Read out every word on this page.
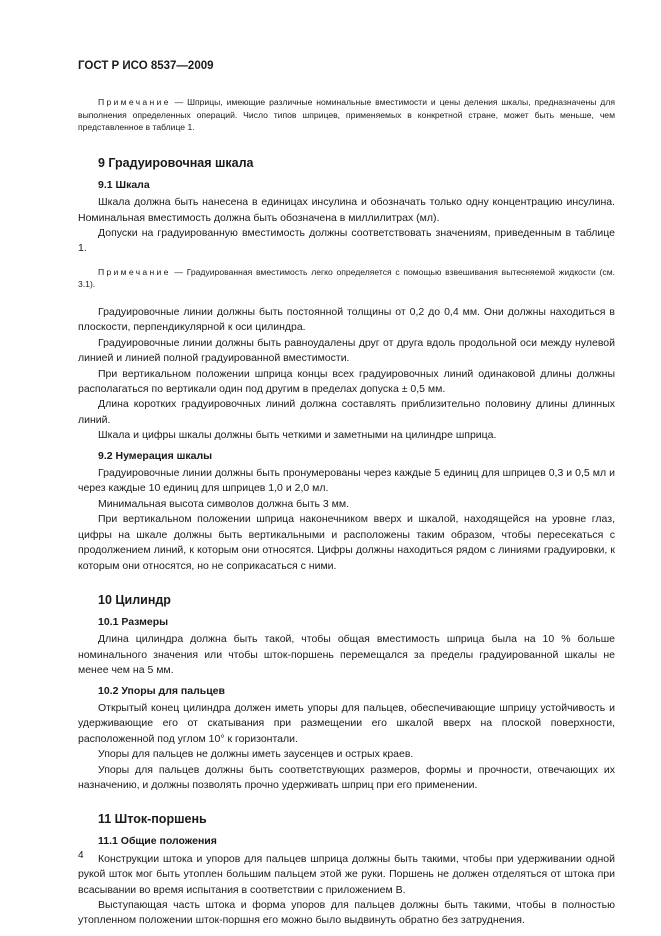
ГОСТ Р ИСО 8537—2009

Примечание — Шприцы, имеющие различные номинальные вместимости и цены деления шкалы, предназначены для выполнения определенных операций. Число типов шприцев, применяемых в конкретной стране, может быть меньше, чем представленное в таблице 1.

9 Градуировочная шкала
9.1 Шкала

Шкала должна быть нанесена в единицах инсулина и обозначать только одну концентрацию инсулина. Номинальная вместимость должна быть обозначена в миллилитрах (мл).

Допуски на градуированную вместимость должны соответствовать значениям, приведенным в таблице 1.

Примечание — Градуированная вместимость легко определяется с помощью взвешивания вытесняемой жидкости (см. 3.1).

Градуировочные линии должны быть постоянной толщины от 0,2 до 0,4 мм. Они должны находиться в плоскости, перпендикулярной к оси цилиндра.

Градуировочные линии должны быть равноудалены друг от друга вдоль продольной оси между нулевой линией и линией полной градуированной вместимости.

При вертикальном положении шприца концы всех градуировочных линий одинаковой длины должны располагаться по вертикали один под другим в пределах допуска ± 0,5 мм.

Длина коротких градуировочных линий должна составлять приблизительно половину длины длинных линий.

Шкала и цифры шкалы должны быть четкими и заметными на цилиндре шприца.

9.2 Нумерация шкалы

Градуировочные линии должны быть пронумерованы через каждые 5 единиц для шприцев 0,3 и 0,5 мл и через каждые 10 единиц для шприцев 1,0 и 2,0 мл.

Минимальная высота символов должна быть 3 мм.

При вертикальном положении шприца наконечником вверх и шкалой, находящейся на уровне глаз, цифры на шкале должны быть вертикальными и расположены таким образом, чтобы пересекаться с продолжением линий, к которым они относятся. Цифры должны находиться рядом с линиями градуировки, к которым они относятся, но не соприкасаться с ними.

10 Цилиндр
10.1 Размеры

Длина цилиндра должна быть такой, чтобы общая вместимость шприца была на 10 % больше номинального значения или чтобы шток-поршень перемещался за пределы градуированной шкалы не менее чем на 5 мм.

10.2 Упоры для пальцев

Открытый конец цилиндра должен иметь упоры для пальцев, обеспечивающие шприцу устойчивость и удерживающие его от скатывания при размещении его шкалой вверх на плоской поверхности, расположенной под углом 10° к горизонтали.

Упоры для пальцев не должны иметь заусенцев и острых краев.

Упоры для пальцев должны быть соответствующих размеров, формы и прочности, отвечающих их назначению, и должны позволять прочно удерживать шприц при его применении.

11 Шток-поршень
11.1 Общие положения

Конструкции штока и упоров для пальцев шприца должны быть такими, чтобы при удерживании одной рукой шток мог быть утоплен большим пальцем этой же руки. Поршень не должен отделяться от штока при всасывании во время испытания в соответствии с приложением В.

Выступающая часть штока и форма упоров для пальцев должны быть такими, чтобы в полностью утопленном положении шток-поршня его можно было выдвинуть обратно без затруднения.

4
